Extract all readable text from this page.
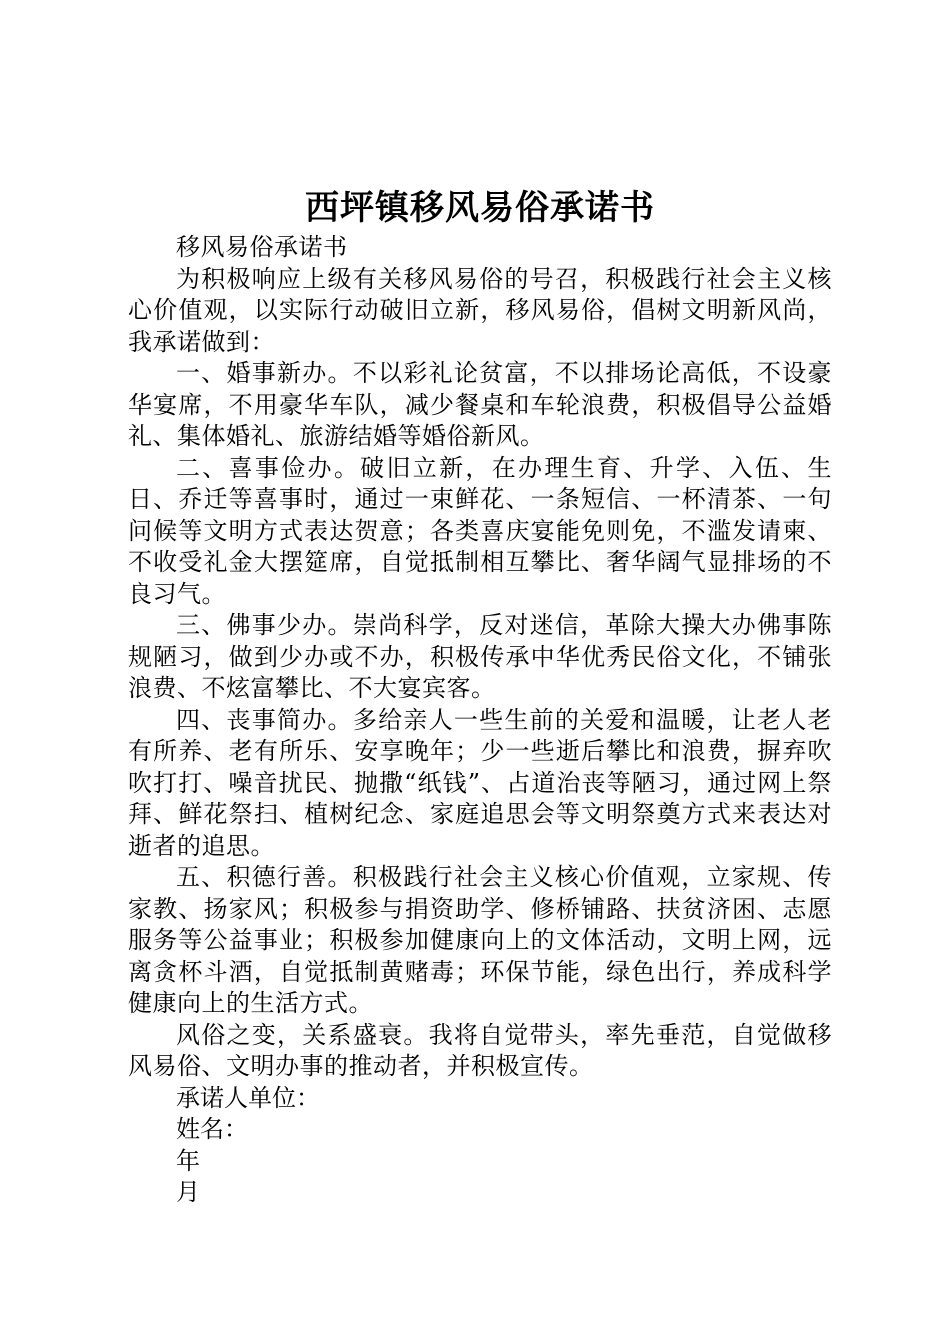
西坪镇移风易俗承诺书

移风易俗承诺书

为积极响应上级有关移风易俗的号召，积极践行社会主义核心价值观，以实际行动破旧立新，移风易俗，倡树文明新风尚，我承诺做到：

一、婚事新办。不以彩礼论贫富，不以排场论高低，不设豪华宴席，不用豪华车队，减少餐桌和车轮浪费，积极倡导公益婚礼、集体婚礼、旅游结婚等婚俗新风。

二、喜事俭办。破旧立新，在办理生育、升学、入伍、生日、乔迁等喜事时，通过一束鲜花、一条短信、一杯清茶、一句问候等文明方式表达贺意；各类喜庆宴能免则免，不滥发请柬、不收受礼金大摆筵席，自觉抵制相互攀比、奢华阔气显排场的不良习气。

三、佛事少办。崇尚科学，反对迷信，革除大操大办佛事陈规陋习，做到少办或不办，积极传承中华优秀民俗文化，不铺张浪费、不炫富攀比、不大宴宾客。

四、丧事简办。多给亲人一些生前的关爱和温暖，让老人老有所养、老有所乐、安享晚年；少一些逝后攀比和浪费，摒弃吹吹打打、噪音扰民、抛撒“纸钱”、占道治丧等陋习，通过网上祭拜、鲜花祭扫、植树纪念、家庭追思会等文明祭奠方式来表达对逝者的追思。

五、积德行善。积极践行社会主义核心价值观，立家规、传家教、扬家风；积极参与捐资助学、修桥铺路、扶贫济困、志愿服务等公益事业；积极参加健康向上的文体活动，文明上网，远离贪杯斗酒，自觉抵制黄赌毒；环保节能，绿色出行，养成科学健康向上的生活方式。

风俗之变，关系盛衰。我将自觉带头，率先垂范，自觉做移风易俗、文明办事的推动者，并积极宣传。

承诺人单位：

姓名：

年

月
